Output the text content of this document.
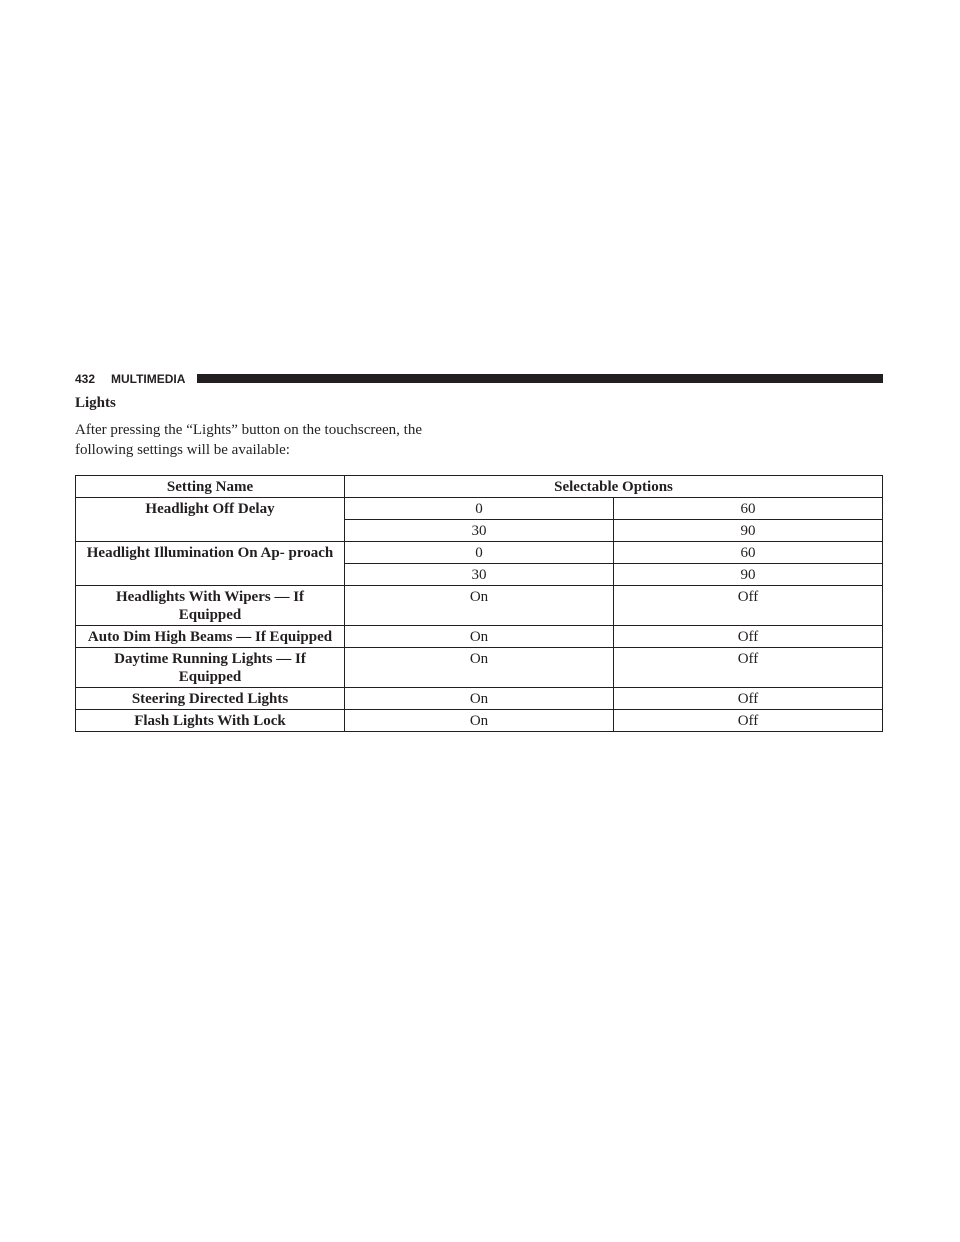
432 MULTIMEDIA
Lights
After pressing the “Lights” button on the touchscreen, the following settings will be available:
Setting Name	Selectable Options	
Headlight Off Delay	0	60
	30	90
Headlight Illumination On Ap- proach	0	60
	30	90
Headlights With Wipers — If Equipped	On	Off
Auto Dim High Beams — If Equipped	On	Off
Daytime Running Lights — If Equipped	On	Off
Steering Directed Lights	On	Off
Flash Lights With Lock	On	Off
